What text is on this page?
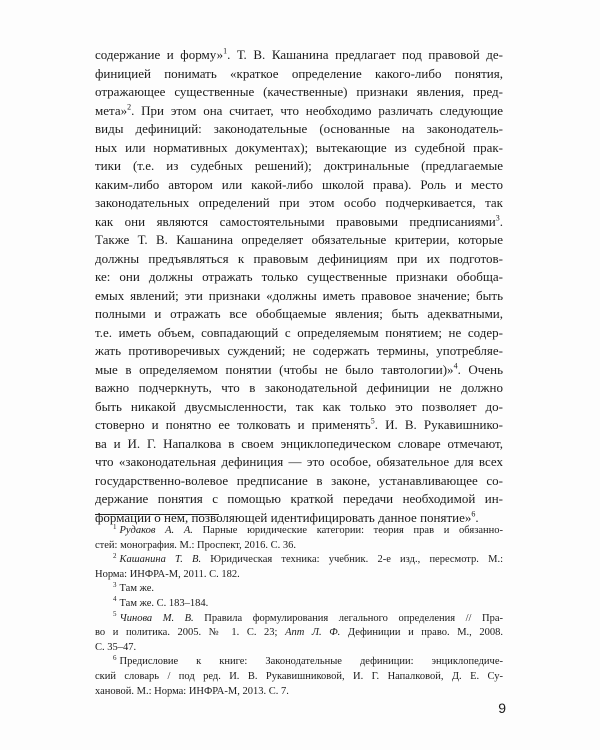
содержание и форму»$^1$. Т. В. Кашанина предлагает под правовой де-
финицией понимать «краткое определение какого-либо понятия,
отражающее существенные (качественные) признаки явления, пред-
мета»$^2$. При этом она считает, что необходимо различать следующие
виды дефиниций: законодательные (основанные на законодатель-
ных или нормативных документах); вытекающие из судебной прак-
тики (т.е. из судебных решений); доктринальные (предлагаемые
каким-либо автором или какой-либо школой права). Роль и место
законодательных определений при этом особо подчеркивается, так
как они являются самостоятельными правовыми предписаниями$^3$.
Также Т. В. Кашанина определяет обязательные критерии, которые
должны предъявляться к правовым дефинициям при их подготов-
ке: они должны отражать только существенные признаки обобща-
емых явлений; эти признаки «должны иметь правовое значение; быть
полными и отражать все обобщаемые явления; быть адекватными,
т.е. иметь объем, совпадающий с определяемым понятием; не содер-
жать противоречивых суждений; не содержать термины, употребляе-
мые в определяемом понятии (чтобы не было тавтологии)»$^4$. Очень
важно подчеркнуть, что в законодательной дефиниции не должно
быть никакой двусмысленности, так как только это позволяет до-
стоверно и понятно ее толковать и применять$^5$. И. В. Рукавишнико-
ва и И. Г. Напалкова в своем энциклопедическом словаре отмечают,
что «законодательная дефиниция — это особое, обязательное для всех
государственно-волевое предписание в законе, устанавливающее со-
держание понятия с помощью краткой передачи необходимой ин-
формации о нем, позволяющей идентифицировать данное понятие»$^6$.
$^1$ Рудаков А. А. Парные юридические категории: теория прав и обязанно-
стей: монография. М.: Проспект, 2016. С. 36.
$^2$ Кашанина Т. В. Юридическая техника: учебник. 2-е изд., пересмотр. М.:
Норма: ИНФРА-М, 2011. С. 182.
$^3$ Там же.
$^4$ Там же. С. 183–184.
$^5$ Чинова М. В. Правила формулирования легального определения // Пра-
во и политика. 2005. № 1. С. 23; Апт Л. Ф. Дефиниции и право. М., 2008.
С. 35–47.
$^6$ Предисловие к книге: Законодательные дефиниции: энциклопедиче-
ский словарь / под ред. И. В. Рукавишниковой, И. Г. Напалковой, Д. Е. Су-
хановой. М.: Норма: ИНФРА-М, 2013. С. 7.
9
